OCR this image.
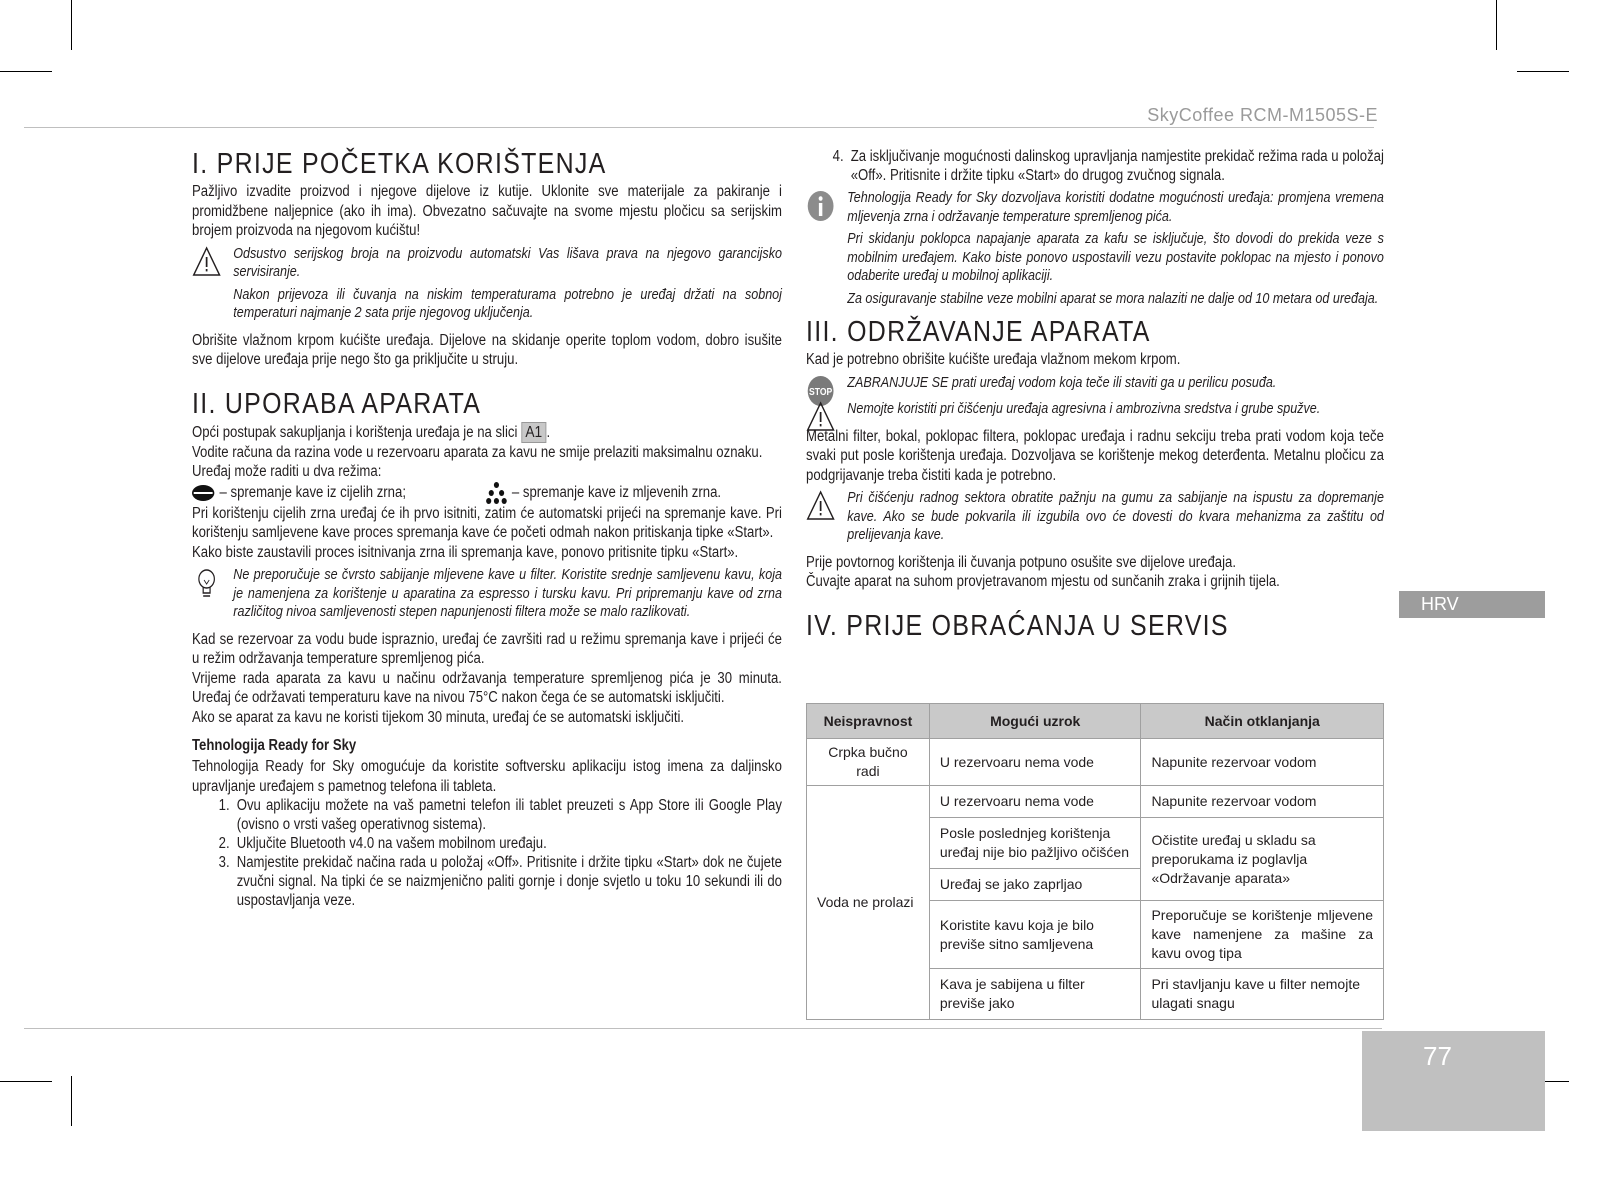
SkyCoffee RCM-M1505S-E
HRV
77
I. PRIJE POČETKA KORIŠTENJA

Pažljivo izvadite proizvod i njegove dijelove iz kutije. Uklonite sve materijale za pakiranje i promidžbene naljepnice (ako ih ima). Obvezatno sačuvajte na svome mjestu pločicu sa serijskim brojem proizvoda na njegovom kućištu!

Odsustvo serijskog broja na proizvodu automatski Vas lišava prava na njegovo garancijsko servisiranje.

Nakon prijevoza ili čuvanja na niskim temperaturama potrebno je uređaj držati na sobnoj temperaturi najmanje 2 sata prije njegovog uključenja.

Obrišite vlažnom krpom kućište uređaja. Dijelove na skidanje operite toplom vodom, dobro isušite sve dijelove uređaja prije nego što ga priključite u struju.

II. UPORABA APARATA

Opći postupak sakupljanja i korištenja uređaja je na slici A1 .

Vodite računa da razina vode u rezervoaru aparata za kavu ne smije prelaziti maksimalnu oznaku.

Uređaj može raditi u dva režima:

– spremanje kave iz cijelih zrna;	– spremanje kave iz mljevenih zrna.

Pri korištenju cijelih zrna uređaj će ih prvo isitniti, zatim će automatski prijeći na spremanje kave. Pri korištenju samljevene kave proces spremanja kave će početi odmah nakon pritiskanja tipke «Start».

Kako biste zaustavili proces isitnivanja zrna ili spremanja kave, ponovo pritisnite tipku «Start».

Ne preporučuje se čvrsto sabijanje mljevene kave u filter. Koristite srednje samljevenu kavu, koja je namenjena za korištenje u aparatina za espresso i tursku kavu. Pri pripremanju kave od zrna različitog nivoa samljevenosti stepen napunjenosti filtera može se malo razlikovati.

Kad se rezervoar za vodu bude ispraznio, uređaj će završiti rad u režimu spremanja kave i prijeći će u režim održavanja temperature spremljenog pića.

Vrijeme rada aparata za kavu u načinu održavanja temperature spremljenog pića je 30 minuta. Uređaj će održavati temperaturu kave na nivou 75°C nakon čega će se automatski isključiti.

Ako se aparat za kavu ne koristi tijekom 30 minuta, uređaj će se automatski isključiti.

Tehnologija Ready for Sky

Tehnologija Ready for Sky omogućuje da koristite softversku aplikaciju istog imena za daljinsko upravljanje uređajem s pametnog telefona ili tableta.

1. Ovu aplikaciju možete na vaš pametni telefon ili tablet preuzeti s App Store ili Google Play (ovisno o vrsti vašeg operativnog sistema).
2. Uključite Bluetooth v4.0 na vašem mobilnom uređaju.
3. Namjestite prekidač načina rada u položaj «Off». Pritisnite i držite tipku «Start» dok ne čujete zvučni signal. Na tipki će se naizmjenično paliti gornje i donje svjetlo u toku 10 sekundi ili do uspostavljanja veze.
4. Za isključivanje mogućnosti dalinskog upravljanja namjestite prekidač režima rada u položaj «Off». Pritisnite i držite tipku «Start» do drugog zvučnog signala.

Tehnologija Ready for Sky dozvoljava koristiti dodatne mogućnosti uređaja: promjena vremena mljevenja zrna i održavanje temperature spremljenog pića.

Pri skidanju poklopca napajanje aparata za kafu se isključuje, što dovodi do prekida veze s mobilnim uređajem. Kako biste ponovo uspostavili vezu postavite poklopac na mjesto i ponovo odaberite uređaj u mobilnoj aplikaciji.

Za osiguravanje stabilne veze mobilni aparat se mora nalaziti ne dalje od 10 metara od uređaja.

III. ODRŽAVANJE APARATA

Kad je potrebno obrišite kućište uređaja vlažnom mekom krpom.

STOP

ZABRANJUJE SE prati uređaj vodom koja teče ili staviti ga u perilicu posuđa.

Nemojte koristiti pri čišćenju uređaja agresivna i ambrozivna sredstva i grube spužve.

Metalni filter, bokal, poklopac filtera, poklopac uređaja i radnu sekciju treba prati vodom koja teče svaki put posle korištenja uređaja. Dozvoljava se korištenje mekog deterđenta. Metalnu pločicu za podgrijavanje treba čistiti kada je potrebno.

Pri čišćenju radnog sektora obratite pažnju na gumu za sabijanje na ispustu za dopremanje kave. Ako se bude pokvarila ili izgubila ovo će dovesti do kvara mehanizma za zaštitu od prelijevanja kave.

Prije povtornog korištenja ili čuvanja potpuno osušite sve dijelove uređaja.

Čuvajte aparat na suhom provjetravanom mjestu od sunčanih zraka i grijnih tijela.

IV. PRIJE OBRAĆANJA U SERVIS
Neispravnost	Mogući uzrok	Način otklanjanja
Crpka bučno radi	U rezervoaru nema vode	Napunite rezervoar vodom
Voda ne prolazi	U rezervoaru nema vode	Napunite rezervoar vodom
	Posle poslednjeg korištenja uređaj nije bio pažljivo očišćen	Očistite uređaj u skladu sa preporukama iz poglavlja «Održavanje aparata»
	Uređaj se jako zaprljao	
	Koristite kavu koja je bilo previše sitno samljevena	Preporučuje se korištenje mljevene kave namenjene za mašine za kavu ovog tipa
	Kava je sabijena u filter previše jako	Pri stavljanju kave u filter nemojte ulagati snagu
